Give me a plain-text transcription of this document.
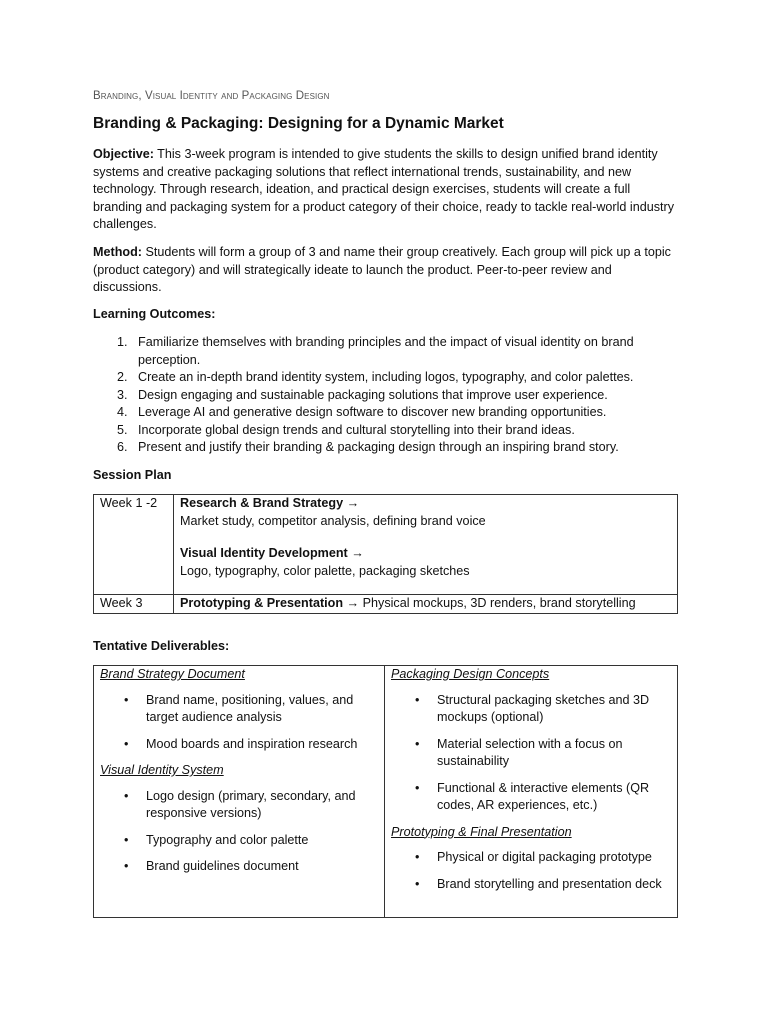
Branding, Visual Identity and Packaging Design
Branding & Packaging: Designing for a Dynamic Market

Objective: This 3-week program is intended to give students the skills to design unified brand identity systems and creative packaging solutions that reflect international trends, sustainability, and new technology. Through research, ideation, and practical design exercises, students will create a full branding and packaging system for a product category of their choice, ready to tackle real-world industry challenges.

Method: Students will form a group of 3 and name their group creatively. Each group will pick up a topic (product category) and will strategically ideate to launch the product. Peer-to-peer review and discussions.

Learning Outcomes:
1. Familiarize themselves with branding principles and the impact of visual identity on brand perception.
2. Create an in-depth brand identity system, including logos, typography, and color palettes.
3. Design engaging and sustainable packaging solutions that improve user experience.
4. Leverage AI and generative design software to discover new branding opportunities.
5. Incorporate global design trends and cultural storytelling into their brand ideas.
6. Present and justify their branding & packaging design through an inspiring brand story.
Session Plan
Week 1 -2	Research & Brand Strategy →
Market study, competitor analysis, defining brand voice
Visual Identity Development →
Logo, typography, color palette, packaging sketches
Week 3	Prototyping & Presentation → Physical mockups, 3D renders, brand storytelling
Tentative Deliverables:
Brand Strategy Document
• Brand name, positioning, values, and target audience analysis
• Mood boards and inspiration research
Visual Identity System
• Logo design (primary, secondary, and responsive versions)
• Typography and color palette
• Brand guidelines document

Packaging Design Concepts
• Structural packaging sketches and 3D mockups (optional)
• Material selection with a focus on sustainability
• Functional & interactive elements (QR codes, AR experiences, etc.)
Prototyping & Final Presentation
• Physical or digital packaging prototype
• Brand storytelling and presentation deck
